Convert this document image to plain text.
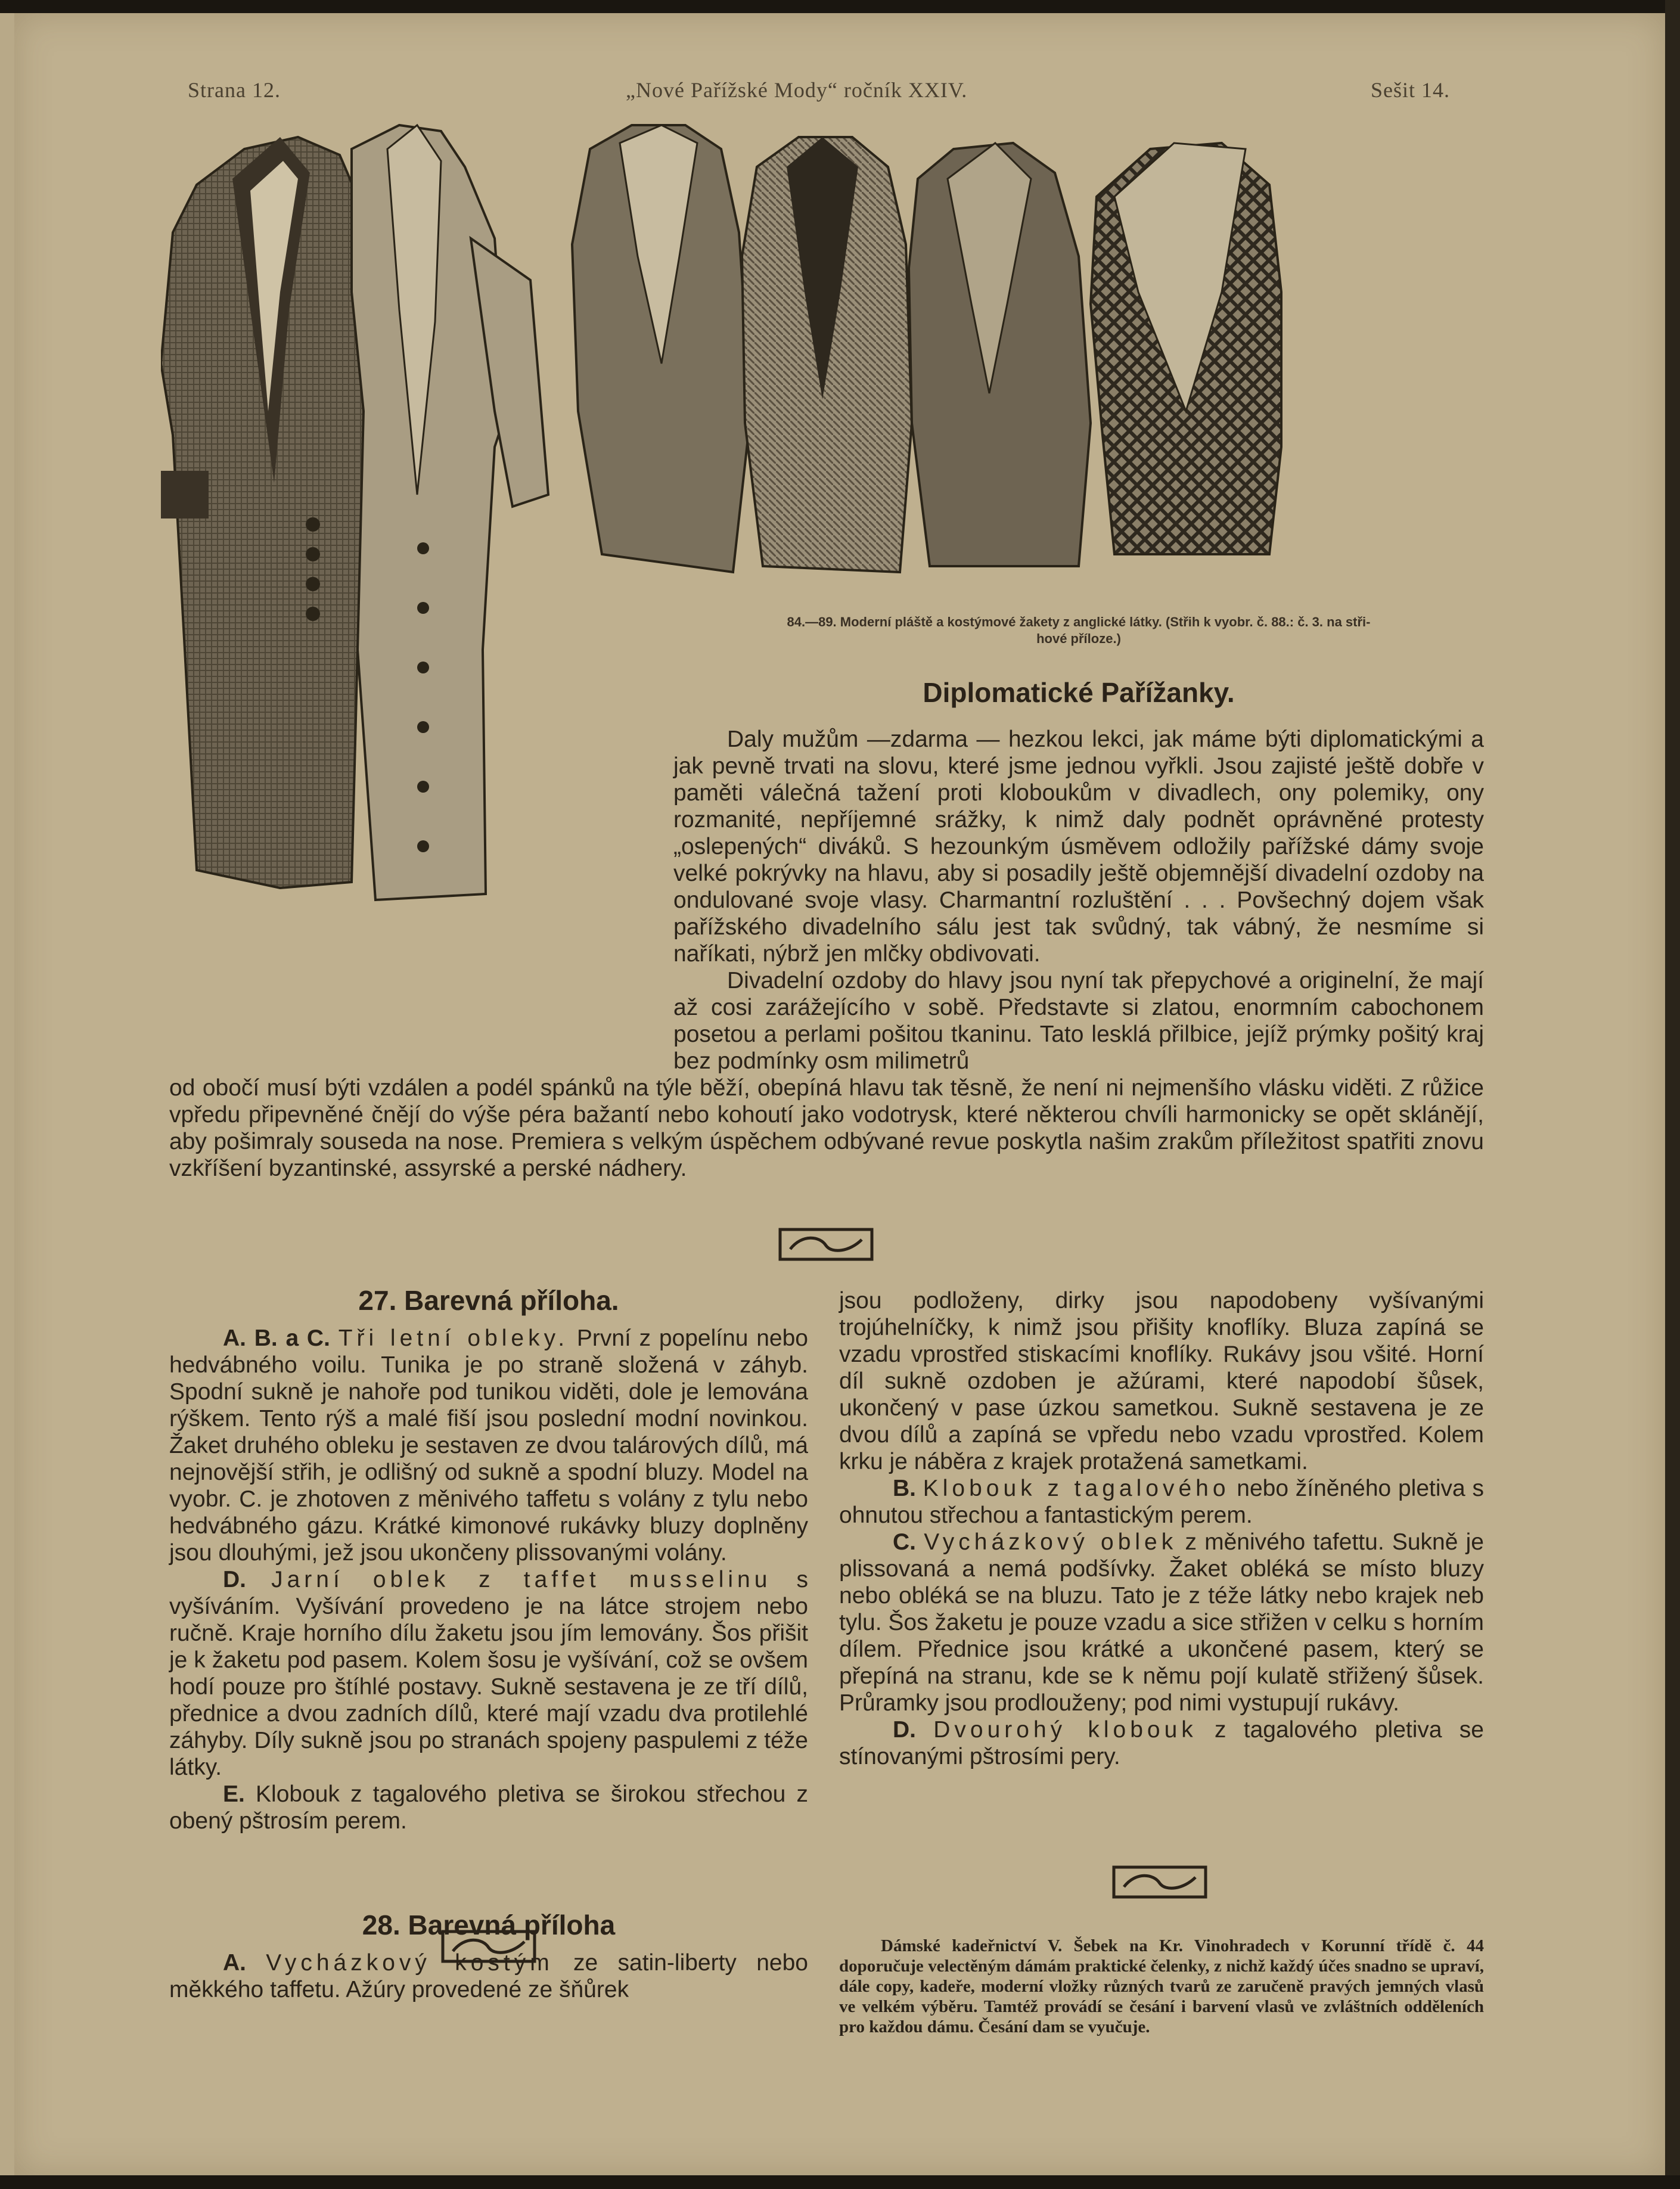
Strana 12.	„Nové Pařížské Mody“ ročník XXIV.	Sešit 14.
84.—89. Moderní pláště a kostýmové žakety z anglické látky. (Střih k vyobr. č. 88.: č. 3. na stři-
hové příloze.)
Diplomatické Pařížanky.

Daly mužům —zdarma — hezkou lekci, jak máme býti diplomatickými a jak pevně trvati na slovu, které jsme jednou vyřkli. Jsou zajisté ještě dobře v paměti válečná tažení proti kloboukům v divadlech, ony polemiky, ony rozmanité, nepříjemné srážky, k nimž daly podnět oprávněné protesty „oslepených“ diváků. S hezounkým úsměvem odložily pařížské dámy svoje velké pokrývky na hlavu, aby si posadily ještě objemnější divadelní ozdoby na ondulované svoje vlasy. Charmantní rozluštění . . . Povšechný dojem však pařížského divadelního sálu jest tak svůdný, tak vábný, že nesmíme si naříkati, nýbrž jen mlčky obdivovati.

Divadelní ozdoby do hlavy jsou nyní tak přepychové a originelní, že mají až cosi zarážejícího v sobě. Představte si zlatou, enormním cabochonem posetou a perlami pošitou tkaninu. Tato lesklá přilbice, jejíž prýmky pošitý kraj bez podmínky osm milimetrů

od obočí musí býti vzdálen a podél spánků na týle běží, obepíná hlavu tak těsně, že není ni nejmenšího vlásku viděti. Z růžice vpředu připevněné čnějí do výše péra bažantí nebo kohoutí jako vodotrysk, které některou chvíli harmonicky se opět sklánějí, aby pošimraly souseda na nose. Premiera s velkým úspěchem odbývané revue poskytla našim zrakům příležitost spatřiti znovu vzkříšení byzantinské, assyrské a perské nádhery.
27. Barevná příloha.

A. B. a C. Tři letní obleky. První z popelínu nebo hedvábného voilu. Tunika je po straně složená v záhyb. Spodní sukně je nahoře pod tunikou viděti, dole je lemována rýškem. Tento rýš a malé fiší jsou poslední modní novinkou. Žaket druhého obleku je sestaven ze dvou talárových dílů, má nejnovější střih, je odlišný od sukně a spodní bluzy. Model na vyobr. C. je zhotoven z měnivého taffetu s volány z tylu nebo hedvábného gázu. Krátké kimonové rukávky bluzy doplněny jsou dlouhými, jež jsou ukončeny plissovanými volány.

D. Jarní oblek z taffet musselinu s vyšíváním. Vyšívání provedeno je na látce strojem nebo ručně. Kraje horního dílu žaketu jsou jím lemovány. Šos přišit je k žaketu pod pasem. Kolem šosu je vyšívání, což se ovšem hodí pouze pro štíhlé postavy. Sukně sestavena je ze tří dílů, přednice a dvou zadních dílů, které mají vzadu dva protilehlé záhyby. Díly sukně jsou po stranách spojeny paspulemi z téže látky.

E. Klobouk z tagalového pletiva se širokou střechou z obený pštrosím perem.

28. Barevná příloha

A. Vycházkový kostým ze satin-liberty nebo měkkého taffetu. Ažúry provedené ze šňůrek

jsou podloženy, dirky jsou napodobeny vyšívanými trojúhelníčky, k nimž jsou přišity knoflíky. Bluza zapíná se vzadu vprostřed stiskacími knoflíky. Rukávy jsou všité. Horní díl sukně ozdoben je ažúrami, které napodobí šůsek, ukončený v pase úzkou sametkou. Sukně sestavena je ze dvou dílů a zapíná se vpředu nebo vzadu vprostřed. Kolem krku je náběra z krajek protažená sametkami.

B. Klobouk z tagalového nebo žíněného pletiva s ohnutou střechou a fantastickým perem.

C. Vycházkový oblek z měnivého tafettu. Sukně je plissovaná a nemá podšívky. Žaket obléká se místo bluzy nebo obléká se na bluzu. Tato je z téže látky nebo krajek neb tylu. Šos žaketu je pouze vzadu a sice střižen v celku s horním dílem. Přednice jsou krátké a ukončené pasem, který se přepíná na stranu, kde se k němu pojí kulatě střižený šůsek. Průramky jsou prodlouženy; pod nimi vystupují rukávy.

D. Dvourohý klobouk z tagalového pletiva se stínovanými pštrosími pery.

Dámské kadeřnictví V. Šebek na Kr. Vinohradech v Korunní třídě č. 44 doporučuje velectěným dámám praktické čelenky, z nichž každý účes snadno se upraví, dále copy, kadeře, moderní vložky různých tvarů ze zaručeně pravých jemných vlasů ve velkém výběru. Tamtéž provádí se česání i barvení vlasů ve zvláštních odděleních pro každou dámu. Česání dam se vyučuje.
